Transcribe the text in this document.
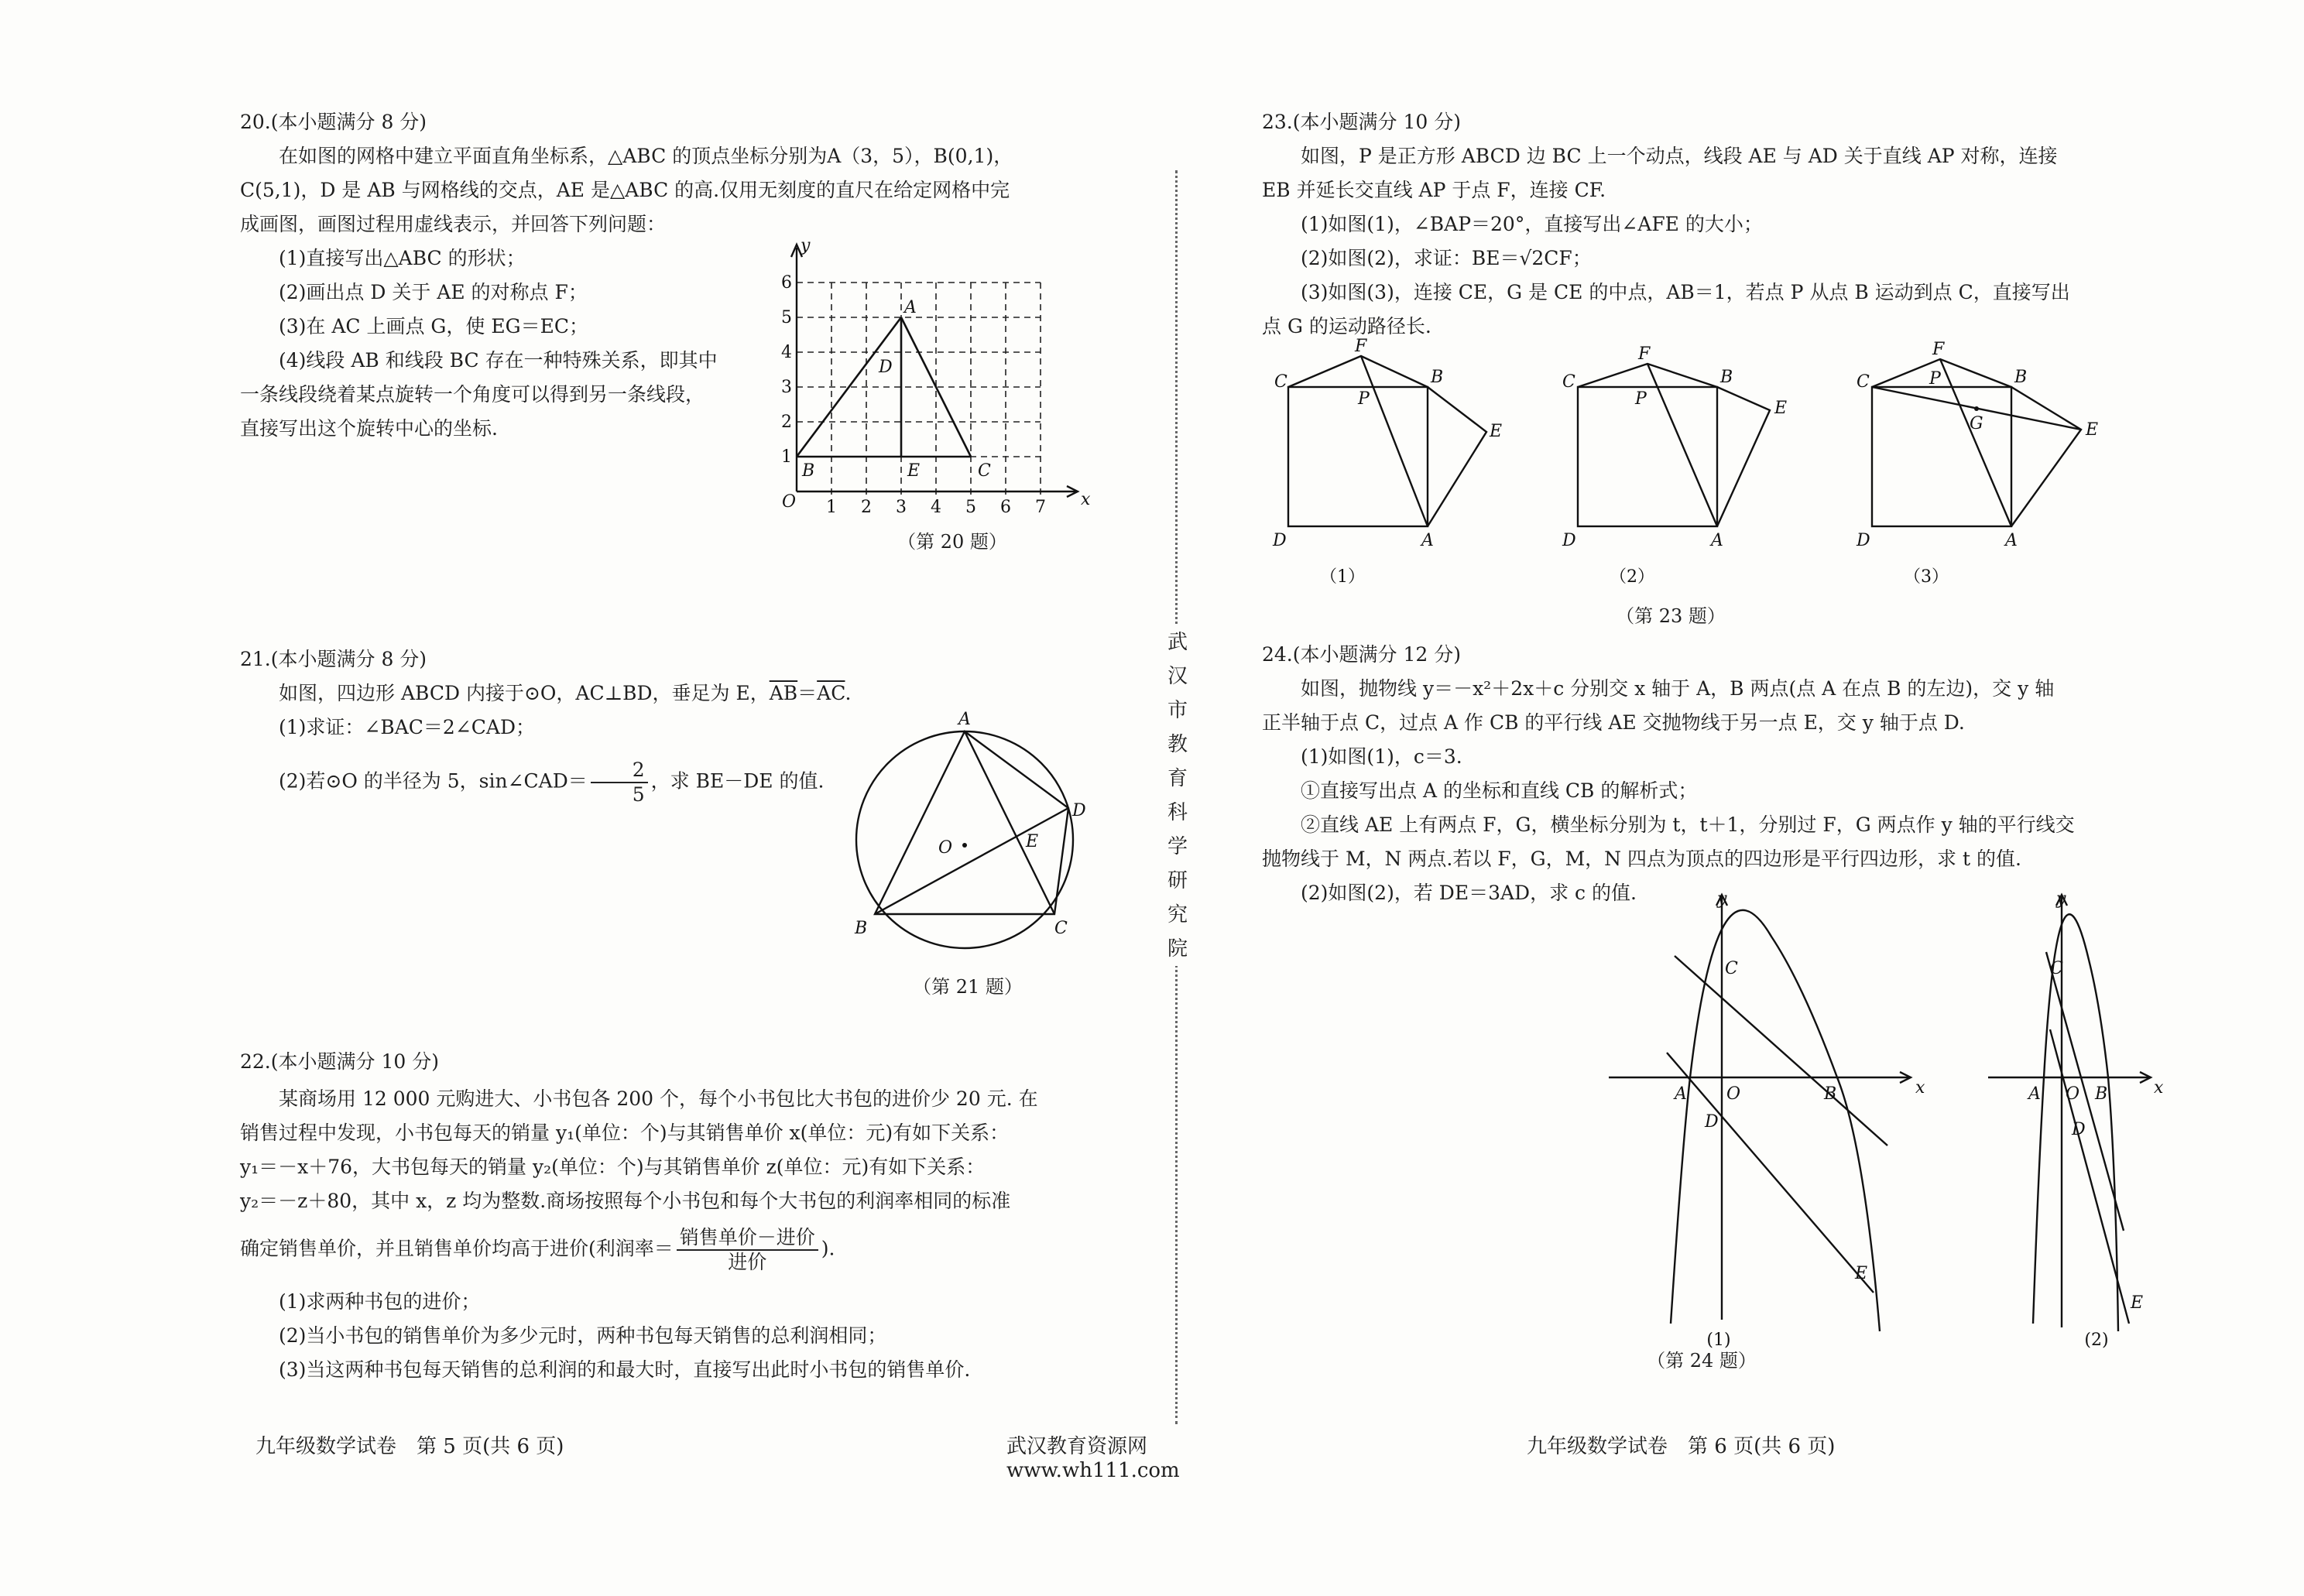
20.(本小题满分 8 分)

在如图的网格中建立平面直角坐标系，△ABC 的顶点坐标分别为A（3，5），B(0,1)，

C(5,1)，D 是 AB 与网格线的交点，AE 是△ABC 的高.仅用无刻度的直尺在给定网格中完

成画图，画图过程用虚线表示，并回答下列问题：

(1)直接写出△ABC 的形状；

(2)画出点 D 关于 AE 的对称点 F；

(3)在 AC 上画点 G，使 EG＝EC；

(4)线段 AB 和线段 BC 存在一种特殊关系，即其中

一条线段绕着某点旋转一个角度可以得到另一条线段，

直接写出这个旋转中心的坐标.

y
x
O
A
B	C
D
E
1 2 3 4 5 6 7
1
2
3
4
5
6
（第 20 题）

21.(本小题满分 8 分)

如图，四边形 ABCD 内接于⊙O，AC⊥BD，垂足为 E，$\overline{AB}=\overline{AC}$.

(1)求证：∠BAC＝2∠CAD；

(2)若⊙O 的半径为 5，sin∠CAD＝ $\frac{2}{5}$ ，求 BE－DE 的值.

A
B	C
D
E
O
（第 21 题）

22.(本小题满分 10 分)

某商场用 12 000 元购进大、小书包各 200 个，每个小书包比大书包的进价少 20 元. 在

销售过程中发现，小书包每天的销量 y₁(单位：个)与其销售单价 x(单位：元)有如下关系：

y₁＝－x＋76，大书包每天的销量 y₂(单位：个)与其销售单价 z(单位：元)有如下关系：

y₂＝－z＋80，其中 x，z 均为整数.商场按照每个小书包和每个大书包的利润率相同的标准

确定销售单价，并且销售单价均高于进价(利润率＝ $\frac{\text{销售单价－进价}}{\text{进价}}$ ).

(1)求两种书包的进价；

(2)当小书包的销售单价为多少元时，两种书包每天销售的总利润相同；

(3)当这两种书包每天销售的总利润的和最大时，直接写出此时小书包的销售单价.

九年级数学试卷　第 5 页(共 6 页)	武汉教育资源网 www.wh111.com
武
汉
市
教
育
科
学
研
究
院

23.(本小题满分 10 分)

如图，P 是正方形 ABCD 边 BC 上一个动点，线段 AE 与 AD 关于直线 AP 对称，连接

EB 并延长交直线 AP 于点 F，连接 CF.

(1)如图(1)，∠BAP＝20°，直接写出∠AFE 的大小；

(2)如图(2)，求证：BE＝√2CF；

(3)如图(3)，连接 CE，G 是 CE 的中点，AB＝1，若点 P 从点 B 运动到点 C，直接写出

点 G 的运动路径长.

C
F
B
P
E
D	A
（1）
C
F
B
P	E
D	A
（2）
C
F
B
P
G	E
D	A
（3）
（第 23 题）

24.(本小题满分 12 分)

如图，抛物线 y＝－x²＋2x＋c 分别交 x 轴于 A，B 两点(点 A 在点 B 的左边)，交 y 轴

正半轴于点 C，过点 A 作 CB 的平行线 AE 交抛物线于另一点 E，交 y 轴于点 D.

(1)如图(1)，c＝3.

①直接写出点 A 的坐标和直线 CB 的解析式；

②直线 AE 上有两点 F，G，横坐标分别为 t，t＋1，分别过 F，G 两点作 y 轴的平行线交

抛物线于 M，N 两点.若以 F，G，M，N 四点为顶点的四边形是平行四边形，求 t 的值.

(2)如图(2)，若 DE＝3AD，求 c 的值.	y
x
C
A O	B
D
E
(1)
y
x
C
A O B
D
E
(2)
（第 24 题）
九年级数学试卷　第 6 页(共 6 页)
